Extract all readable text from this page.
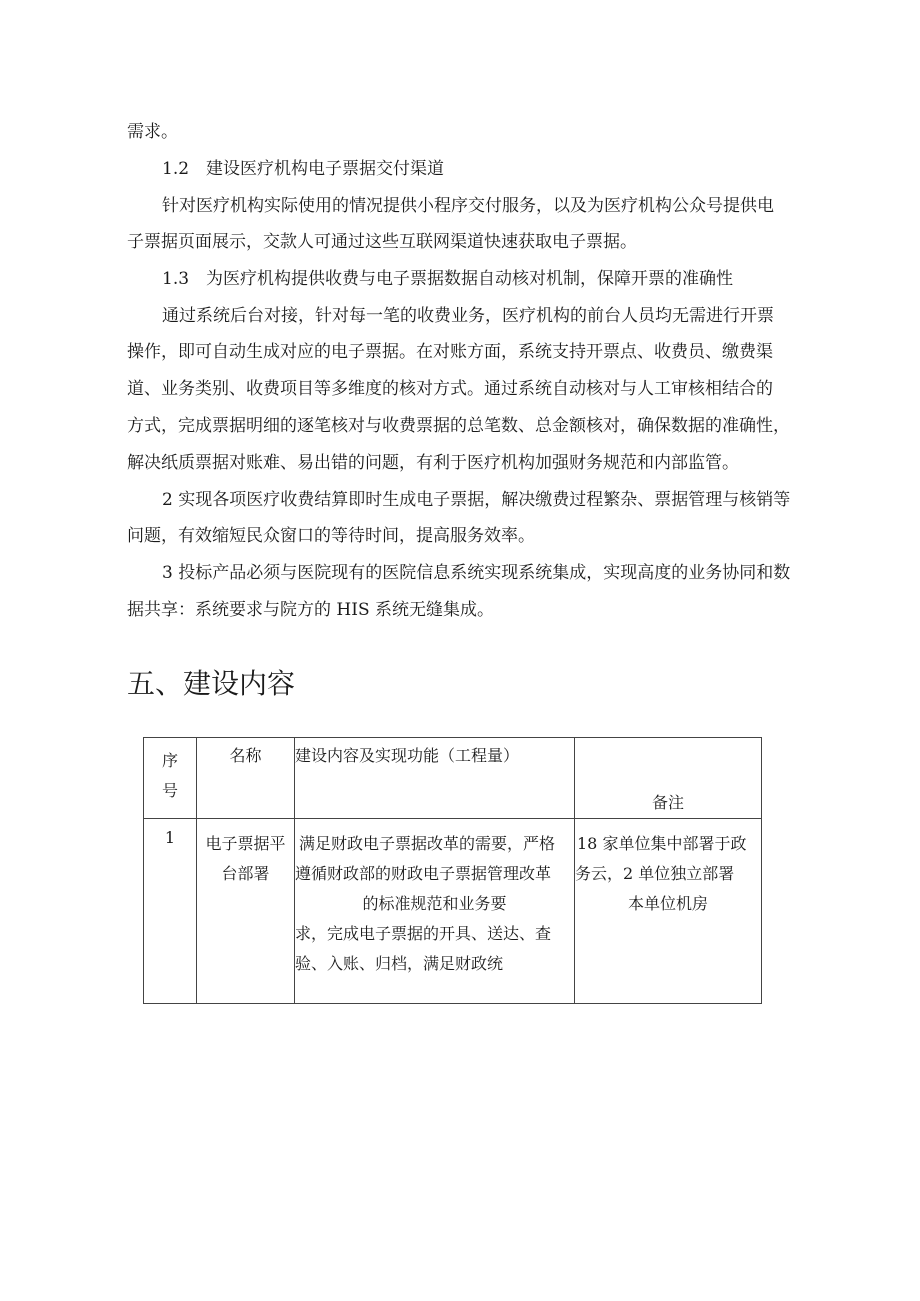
需求。
1.2　建设医疗机构电子票据交付渠道
针对医疗机构实际使用的情况提供小程序交付服务，以及为医疗机构公众号提供电
子票据页面展示，交款人可通过这些互联网渠道快速获取电子票据。
1.3　为医疗机构提供收费与电子票据数据自动核对机制，保障开票的准确性
通过系统后台对接，针对每一笔的收费业务，医疗机构的前台人员均无需进行开票
操作，即可自动生成对应的电子票据。在对账方面，系统支持开票点、收费员、缴费渠
道、业务类别、收费项目等多维度的核对方式。通过系统自动核对与人工审核相结合的
方式，完成票据明细的逐笔核对与收费票据的总笔数、总金额核对，确保数据的准确性，
解决纸质票据对账难、易出错的问题，有利于医疗机构加强财务规范和内部监管。
2 实现各项医疗收费结算即时生成电子票据，解决缴费过程繁杂、票据管理与核销等
问题，有效缩短民众窗口的等待时间，提高服务效率。
3 投标产品必须与医院现有的医院信息系统实现系统集成，实现高度的业务协同和数
据共享：系统要求与院方的 HIS 系统无缝集成。
五、建设内容
序
号	名称	建设内容及实现功能（工程量）	备注

1	电子票据平
台部署	满足财政电子票据改革的需要，严格
遵循财政部的财政电子票据管理改革
的标准规范和业务要
求，完成电子票据的开具、送达、查
验、入账、归档，满足财政统	18 家单位集中部署于政
务云，2 单位独立部署
本单位机房
